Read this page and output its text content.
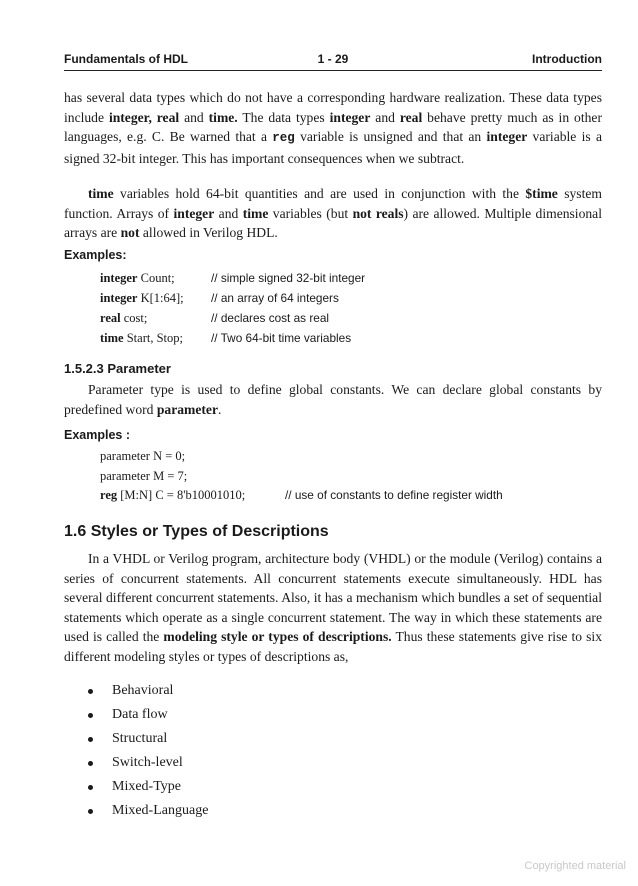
Fundamentals of HDL	1 - 29	Introduction
has several data types which do not have a corresponding hardware realization. These data types include integer, real and time. The data types integer and real behave pretty much as in other languages, e.g. C. Be warned that a reg variable is unsigned and that an integer variable is a signed 32-bit integer. This has important consequences when we subtract.
time variables hold 64-bit quantities and are used in conjunction with the $time system function. Arrays of integer and time variables (but not reals) are allowed. Multiple dimensional arrays are not allowed in Verilog HDL.
Examples:
integer Count;	// simple signed 32-bit integer
integer K[1:64]; // an array of 64 integers
real cost;	// declares cost as real
time Start, Stop; // Two 64-bit time variables
1.5.2.3 Parameter
Parameter type is used to define global constants. We can declare global constants by predefined word parameter.
Examples :
parameter N = 0;
parameter M = 7;
reg [M:N] C = 8'b10001010;	// use of constants to define register width
1.6 Styles or Types of Descriptions
In a VHDL or Verilog program, architecture body (VHDL) or the module (Verilog) contains a series of concurrent statements. All concurrent statements execute simultaneously. HDL has several different concurrent statements. Also, it has a mechanism which bundles a set of sequential statements which operate as a single concurrent statement. The way in which these statements are used is called the modeling style or types of descriptions. Thus these statements give rise to six different modeling styles or types of descriptions as,
Behavioral
Data flow
Structural
Switch-level
Mixed-Type
Mixed-Language
Copyrighted material
